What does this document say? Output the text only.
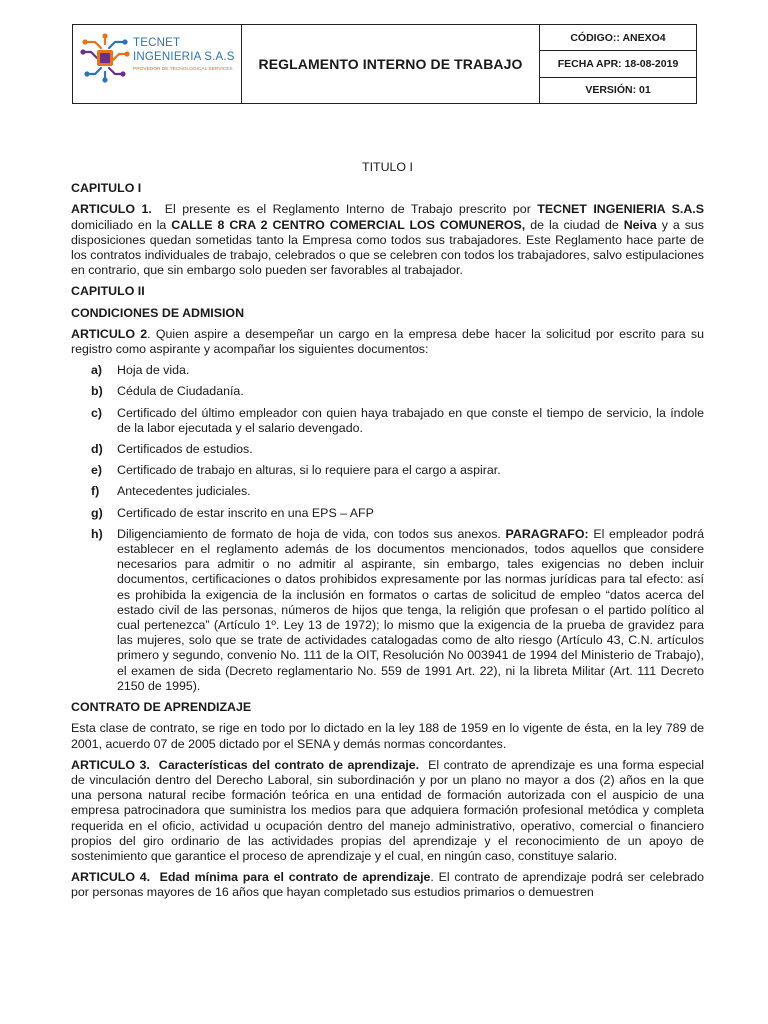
TECNET
INGENIERIA S.A.S
PROVEDOR DE TECNOLOGICAL SERVICES	REGLAMENTO INTERNO DE TRABAJO
CÓDIGO:: ANEXO4
FECHA APR: 18-08-2019
VERSIÓN: 01

TITULO I

CAPITULO I

ARTICULO 1. El presente es el Reglamento Interno de Trabajo prescrito por TECNET INGENIERIA S.A.S domiciliado en la CALLE 8 CRA 2 CENTRO COMERCIAL LOS COMUNEROS, de la ciudad de Neiva y a sus disposiciones quedan sometidas tanto la Empresa como todos sus trabajadores. Este Reglamento hace parte de los contratos individuales de trabajo, celebrados o que se celebren con todos los trabajadores, salvo estipulaciones en contrario, que sin embargo solo pueden ser favorables al trabajador.

CAPITULO II

CONDICIONES DE ADMISION

ARTICULO 2. Quien aspire a desempeñar un cargo en la empresa debe hacer la solicitud por escrito para su registro como aspirante y acompañar los siguientes documentos:

a)	Hoja de vida.
b)	Cédula de Ciudadanía.
c)	Certificado del último empleador con quien haya trabajado en que conste el tiempo de servicio, la índole de la labor ejecutada y el salario devengado.
d)	Certificados de estudios.
e)	Certificado de trabajo en alturas, si lo requiere para el cargo a aspirar.
f)	Antecedentes judiciales.
g)	Certificado de estar inscrito en una EPS – AFP
h)	Diligenciamiento de formato de hoja de vida, con todos sus anexos. PARAGRAFO: El empleador podrá establecer en el reglamento además de los documentos mencionados, todos aquellos que considere necesarios para admitir o no admitir al aspirante, sin embargo, tales exigencias no deben incluir documentos, certificaciones o datos prohibidos expresamente por las normas jurídicas para tal efecto: así es prohibida la exigencia de la inclusión en formatos o cartas de solicitud de empleo “datos acerca del estado civil de las personas, números de hijos que tenga, la religión que profesan o el partido político al cual pertenezca” (Artículo 1º. Ley 13 de 1972); lo mismo que la exigencia de la prueba de gravidez para las mujeres, solo que se trate de actividades catalogadas como de alto riesgo (Artículo 43, C.N. artículos primero y segundo, convenio No. 111 de la OIT, Resolución No 003941 de 1994 del Ministerio de Trabajo), el examen de sida (Decreto reglamentario No. 559 de 1991 Art. 22), ni la libreta Militar (Art. 111 Decreto 2150 de 1995).

CONTRATO DE APRENDIZAJE

Esta clase de contrato, se rige en todo por lo dictado en la ley 188 de 1959 en lo vigente de ésta, en la ley 789 de 2001, acuerdo 07 de 2005 dictado por el SENA y demás normas concordantes.

ARTICULO 3. Características del contrato de aprendizaje. El contrato de aprendizaje es una forma especial de vinculación dentro del Derecho Laboral, sin subordinación y por un plano no mayor a dos (2) años en la que una persona natural recibe formación teórica en una entidad de formación autorizada con el auspicio de una empresa patrocinadora que suministra los medios para que adquiera formación profesional metódica y completa requerida en el oficio, actividad u ocupación dentro del manejo administrativo, operativo, comercial o financiero propios del giro ordinario de las actividades propias del aprendizaje y el reconocimiento de un apoyo de sostenimiento que garantice el proceso de aprendizaje y el cual, en ningún caso, constituye salario.

ARTICULO 4. Edad mínima para el contrato de aprendizaje. El contrato de aprendizaje podrá ser celebrado por personas mayores de 16 años que hayan completado sus estudios primarios o demuestren
